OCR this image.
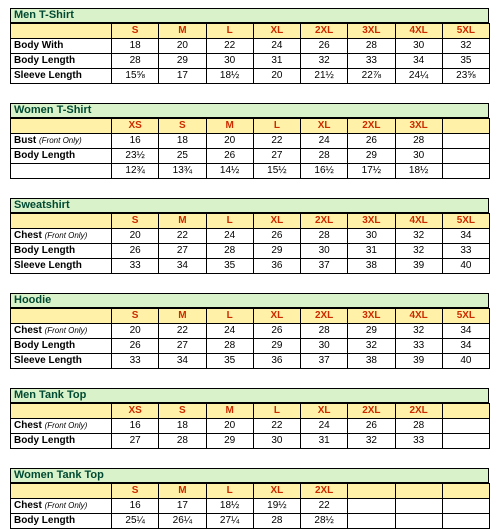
Men T-Shirt
	S	M	L	XL	2XL	3XL	4XL	5XL
Body With	18	20	22	24	26	28	30	32
Body Length	28	29	30	31	32	33	34	35
Sleeve Length	15⅝	17	18½	20	21½	22⅞	24¼	23⅝
Women T-Shirt
	XS	S	M	L	XL	2XL	3XL	
Bust (Front Only)	16	18	20	22	24	26	28	
Body Length	23½	25	26	27	28	29	30	
	12¾	13¾	14½	15½	16½	17½	18½	
Sweatshirt
	S	M	L	XL	2XL	3XL	4XL	5XL
Chest (Front Only)	20	22	24	26	28	30	32	34
Body Length	26	27	28	29	30	31	32	33
Sleeve Length	33	34	35	36	37	38	39	40
Hoodie
	S	M	L	XL	2XL	3XL	4XL	5XL
Chest (Front Only)	20	22	24	26	28	29	32	34
Body Length	26	27	28	29	30	32	33	34
Sleeve Length	33	34	35	36	37	38	39	40
Men Tank Top
	XS	S	M	L	XL	2XL	2XL	
Chest (Front Only)	16	18	20	22	24	26	28	
Body Length	27	28	29	30	31	32	33	
Women Tank Top
	S	M	L	XL	2XL			
Chest (Front Only)	16	17	18½	19½	22			
Body Length	25¼	26¼	27¼	28	28½			
